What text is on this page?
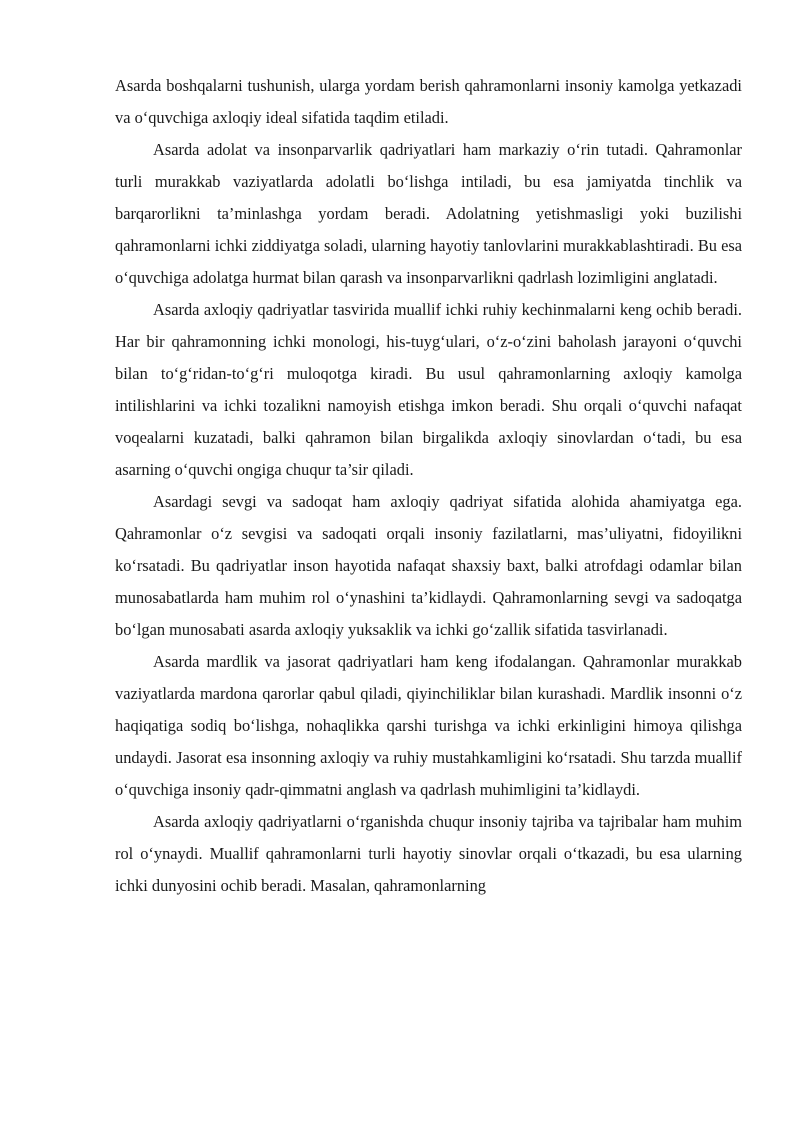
Asarda boshqalarni tushunish, ularga yordam berish qahramonlarni insoniy kamolga yetkazadi va o‘quvchiga axloqiy ideal sifatida taqdim etiladi.

Asarda adolat va insonparvarlik qadriyatlari ham markaziy o‘rin tutadi. Qahramonlar turli murakkab vaziyatlarda adolatli bo‘lishga intiladi, bu esa jamiyatda tinchlik va barqarorlikni ta’minlashga yordam beradi. Adolatning yetishmasligi yoki buzilishi qahramonlarni ichki ziddiyatga soladi, ularning hayotiy tanlovlarini murakkablashtiradi. Bu esa o‘quvchiga adolatga hurmat bilan qarash va insonparvarlikni qadrlash lozimligini anglatadi.

Asarda axloqiy qadriyatlar tasvirida muallif ichki ruhiy kechinmalarni keng ochib beradi. Har bir qahramonning ichki monologi, his-tuyg‘ulari, o‘z-o‘zini baholash jarayoni o‘quvchi bilan to‘g‘ridan-to‘g‘ri muloqotga kiradi. Bu usul qahramonlarning axloqiy kamolga intilishlarini va ichki tozalikni namoyish etishga imkon beradi. Shu orqali o‘quvchi nafaqat voqealarni kuzatadi, balki qahramon bilan birgalikda axloqiy sinovlardan o‘tadi, bu esa asarning o‘quvchi ongiga chuqur ta’sir qiladi.

Asardagi sevgi va sadoqat ham axloqiy qadriyat sifatida alohida ahamiyatga ega. Qahramonlar o‘z sevgisi va sadoqati orqali insoniy fazilatlarni, mas’uliyatni, fidoyilikni ko‘rsatadi. Bu qadriyatlar inson hayotida nafaqat shaxsiy baxt, balki atrofdagi odamlar bilan munosabatlarda ham muhim rol o‘ynashini ta’kidlaydi. Qahramonlarning sevgi va sadoqatga bo‘lgan munosabati asarda axloqiy yuksaklik va ichki go‘zallik sifatida tasvirlanadi.

Asarda mardlik va jasorat qadriyatlari ham keng ifodalangan. Qahramonlar murakkab vaziyatlarda mardona qarorlar qabul qiladi, qiyinchiliklar bilan kurashadi. Mardlik insonni o‘z haqiqatiga sodiq bo‘lishga, nohaqlikka qarshi turishga va ichki erkinligini himoya qilishga undaydi. Jasorat esa insonning axloqiy va ruhiy mustahkamligini ko‘rsatadi. Shu tarzda muallif o‘quvchiga insoniy qadr-qimmatni anglash va qadrlash muhimligini ta’kidlaydi.

Asarda axloqiy qadriyatlarni o‘rganishda chuqur insoniy tajriba va tajribalar ham muhim rol o‘ynaydi. Muallif qahramonlarni turli hayotiy sinovlar orqali o‘tkazadi, bu esa ularning ichki dunyosini ochib beradi. Masalan, qahramonlarning
